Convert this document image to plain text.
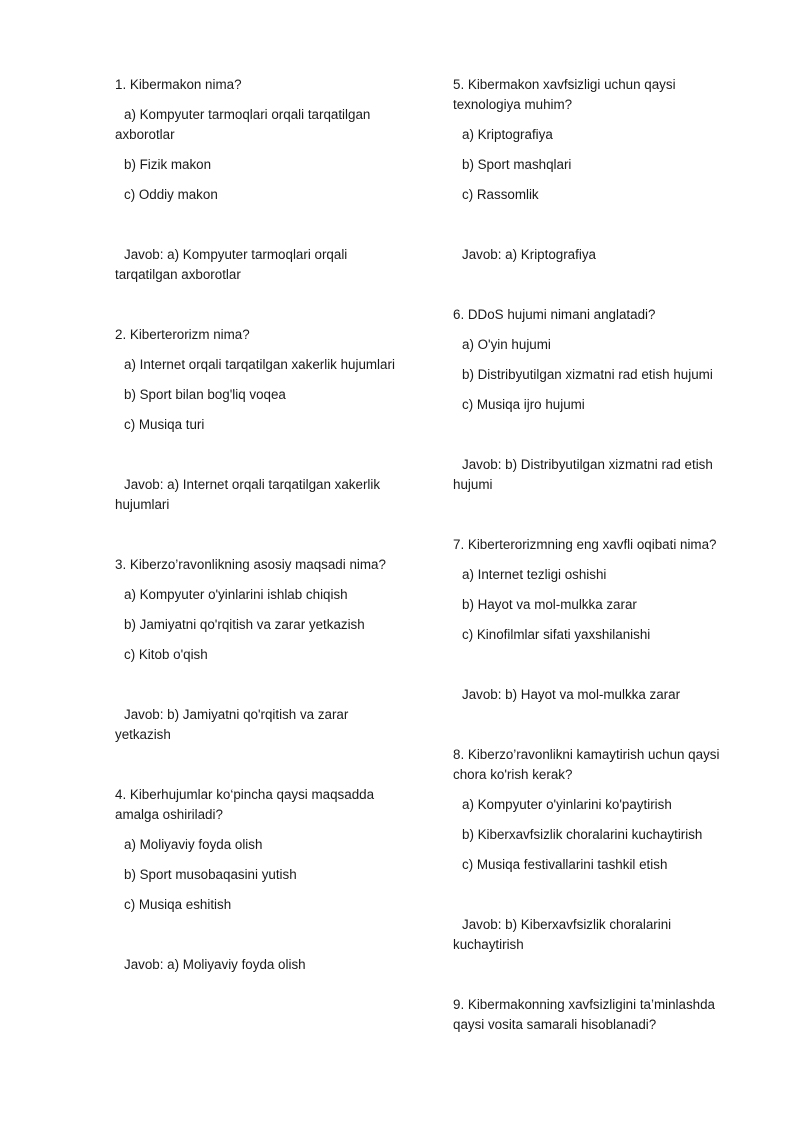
1. Kibermakon nima?

a) Kompyuter tarmoqlari orqali tarqatilgan axborotlar

b) Fizik makon

c) Oddiy makon

Javob: a) Kompyuter tarmoqlari orqali tarqatilgan axborotlar

2. Kiberterorizm nima?

a) Internet orqali tarqatilgan xakerlik hujumlari

b) Sport bilan bog'liq voqea

c) Musiqa turi

Javob: a) Internet orqali tarqatilgan xakerlik hujumlari

3. Kiberzo’ravonlikning asosiy maqsadi nima?

a) Kompyuter o'yinlarini ishlab chiqish

b) Jamiyatni qo'rqitish va zarar yetkazish

c) Kitob o'qish

Javob: b) Jamiyatni qo'rqitish va zarar yetkazish

4. Kiberhujumlar ko‘pincha qaysi maqsadda amalga oshiriladi?

a) Moliyaviy foyda olish

b) Sport musobaqasini yutish

c) Musiqa eshitish

Javob: a) Moliyaviy foyda olish

5. Kibermakon xavfsizligi uchun qaysi texnologiya muhim?

a) Kriptografiya

b) Sport mashqlari

c) Rassomlik

Javob: a) Kriptografiya

6. DDoS hujumi nimani anglatadi?

a) O'yin hujumi

b) Distribyutilgan xizmatni rad etish hujumi

c) Musiqa ijro hujumi

Javob: b) Distribyutilgan xizmatni rad etish hujumi

7. Kiberterorizmning eng xavfli oqibati nima?

a) Internet tezligi oshishi

b) Hayot va mol-mulkka zarar

c) Kinofilmlar sifati yaxshilanishi

Javob: b) Hayot va mol-mulkka zarar

8. Kiberzo’ravonlikni kamaytirish uchun qaysi chora ko'rish kerak?

a) Kompyuter o'yinlarini ko'paytirish

b) Kiberxavfsizlik choralarini kuchaytirish

c) Musiqa festivallarini tashkil etish

Javob: b) Kiberxavfsizlik choralarini kuchaytirish

9. Kibermakonning xavfsizligini ta’minlashda qaysi vosita samarali hisoblanadi?
